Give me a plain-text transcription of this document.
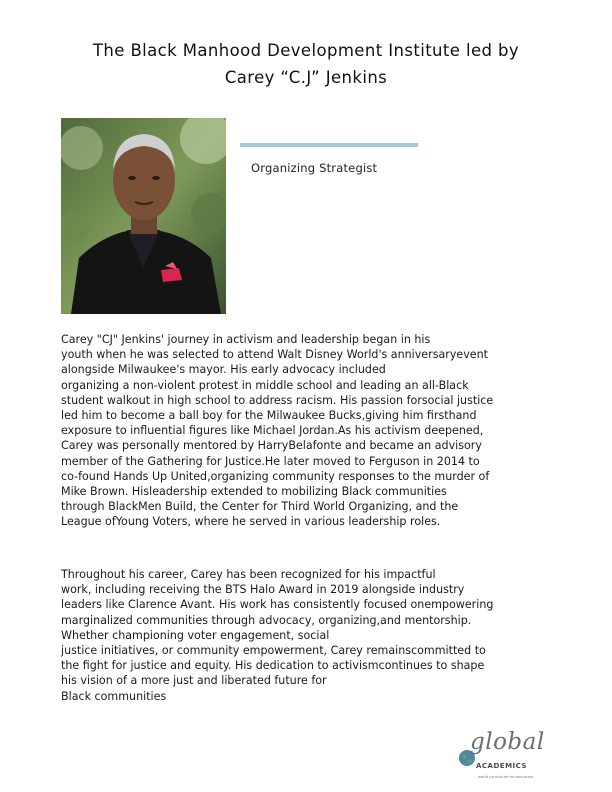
The Black Manhood Development Institute led by
Carey “C.J” Jenkins
Organizing Strategist
Carey "CJ" Jenkins' journey in activism and leadership began in his
youth when he was selected to attend Walt Disney World's anniversaryevent
alongside Milwaukee's mayor. His early advocacy included
organizing a non-violent protest in middle school and leading an all-Black
student walkout in high school to address racism. His passion forsocial justice
led him to become a ball boy for the Milwaukee Bucks,giving him firsthand
exposure to influential figures like Michael Jordan.As his activism deepened,
Carey was personally mentored by HarryBelafonte and became an advisory
member of the Gathering for Justice.He later moved to Ferguson in 2014 to
co-found Hands Up United,organizing community responses to the murder of
Mike Brown. Hisleadership extended to mobilizing Black communities
through BlackMen Build, the Center for Third World Organizing, and the
League ofYoung Voters, where he served in various leadership roles.
Throughout his career, Carey has been recognized for his impactful
work, including receiving the BTS Halo Award in 2019 alongside industry
leaders like Clarence Avant. His work has consistently focused onempowering
marginalized communities through advocacy, organizing,and mentorship.
Whether championing voter engagement, social
justice initiatives, or community empowerment, Carey remainscommitted to
the fight for justice and equity. His dedication to activismcontinues to shape
his vision of a more just and liberated future for
Black communities
global
ACADEMICS
world curriculum for educators
